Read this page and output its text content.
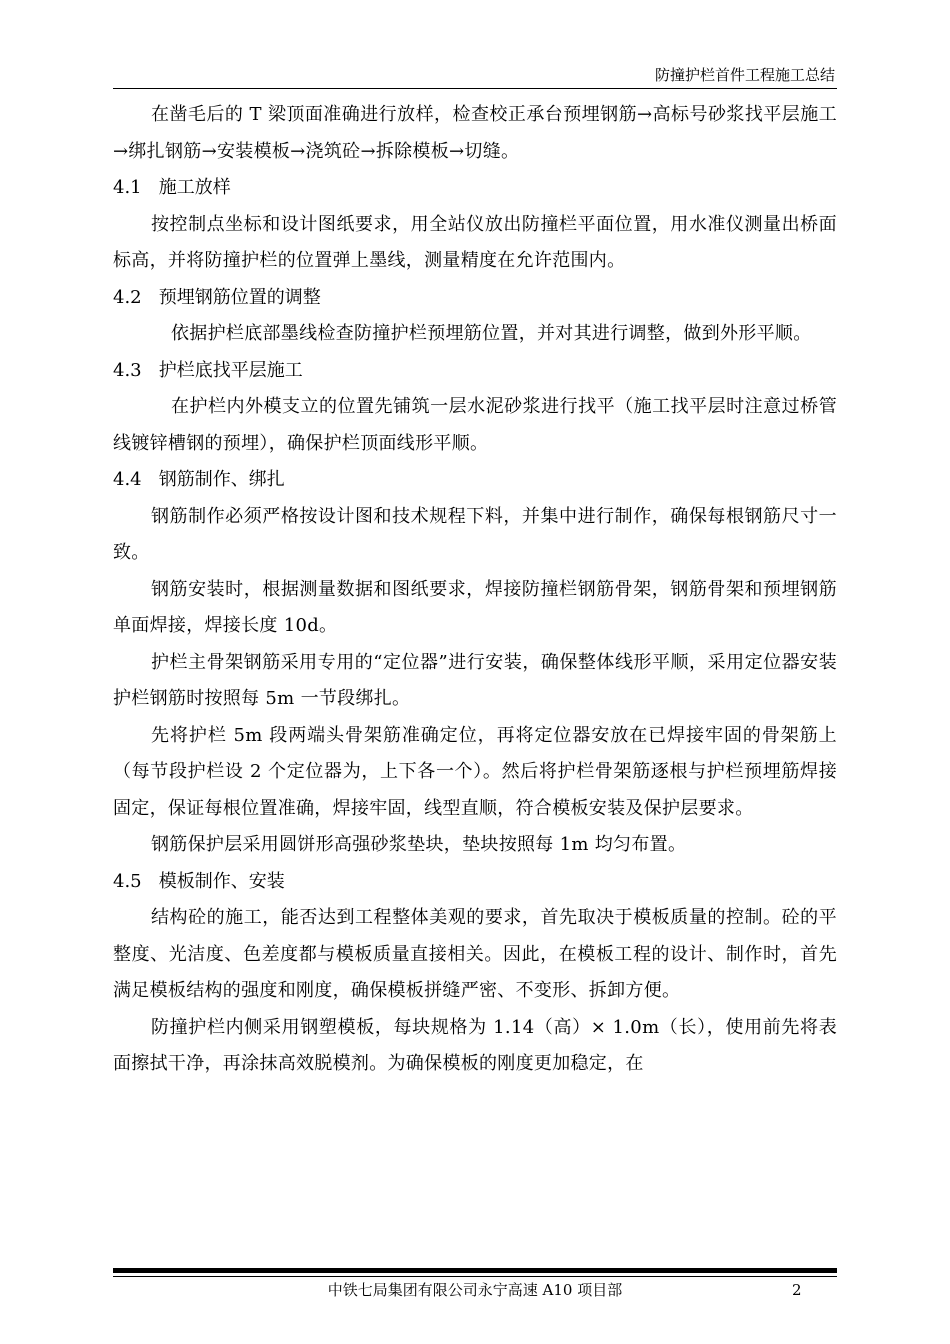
防撞护栏首件工程施工总结

在凿毛后的 T 梁顶面准确进行放样，检查校正承台预埋钢筋→高标号砂浆找平层施工→绑扎钢筋→安装模板→浇筑砼→拆除模板→切缝。

4.1   施工放样

按控制点坐标和设计图纸要求，用全站仪放出防撞栏平面位置，用水准仪测量出桥面标高，并将防撞护栏的位置弹上墨线，测量精度在允许范围内。

4.2   预埋钢筋位置的调整

依据护栏底部墨线检查防撞护栏预埋筋位置，并对其进行调整，做到外形平顺。

4.3   护栏底找平层施工

在护栏内外模支立的位置先铺筑一层水泥砂浆进行找平（施工找平层时注意过桥管线镀锌槽钢的预埋），确保护栏顶面线形平顺。

4.4   钢筋制作、绑扎

钢筋制作必须严格按设计图和技术规程下料，并集中进行制作，确保每根钢筋尺寸一致。

钢筋安装时，根据测量数据和图纸要求，焊接防撞栏钢筋骨架，钢筋骨架和预埋钢筋单面焊接，焊接长度 10d。

护栏主骨架钢筋采用专用的“定位器”进行安装，确保整体线形平顺，采用定位器安装护栏钢筋时按照每 5m 一节段绑扎。

先将护栏 5m 段两端头骨架筋准确定位，再将定位器安放在已焊接牢固的骨架筋上（每节段护栏设 2 个定位器为，上下各一个）。然后将护栏骨架筋逐根与护栏预埋筋焊接固定，保证每根位置准确，焊接牢固，线型直顺，符合模板安装及保护层要求。

钢筋保护层采用圆饼形高强砂浆垫块，垫块按照每 1m 均匀布置。

4.5   模板制作、安装

结构砼的施工，能否达到工程整体美观的要求，首先取决于模板质量的控制。砼的平整度、光洁度、色差度都与模板质量直接相关。因此，在模板工程的设计、制作时，首先满足模板结构的强度和刚度，确保模板拼缝严密、不变形、拆卸方便。

防撞护栏内侧采用钢塑模板，每块规格为 1.14（高）× 1.0m（长），使用前先将表面擦拭干净，再涂抹高效脱模剂。为确保模板的刚度更加稳定，在

中铁七局集团有限公司永宁高速 A10 项目部	2
